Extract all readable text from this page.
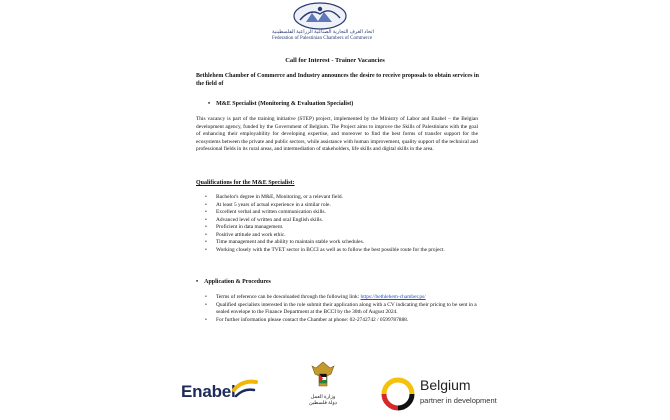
اتحاد الغرف التجارية الصناعية الزراعية الفلسطينية
Federation of Palestinian Chambers of Commerce
Call for Interest - Trainer Vacancies
Bethlehem Chamber of Commerce and Industry announces the desire to receive proposals to obtain services in the field of
• M&E Specialist (Monitoring & Evaluation Specialist)
This vacancy is part of the training initiative (STEP) project, implemented by the Ministry of Labor and Enabel – the Belgian development agency, funded by the Government of Belgium. The Project aims to improve the Skills of Palestinians with the goal of enhancing their employability for developing expertise, and moreover to find the best forms of transfer support for the ecosystems between the private and public sectors, while assistance with human improvement, quality support of the technical and professional fields in its rural areas, and intermediation of stakeholders, life skills and digital skills in the area.
Qualifications for the M&E Specialist:
• Bachelor's degree in M&E, Monitoring, or a relevant field.
• At least 5 years of actual experience in a similar role.
• Excellent verbal and written communication skills.
• Advanced level of written and oral English skills.
• Proficient in data management.
• Positive attitude and work ethic.
• Time management and the ability to maintain stable work schedules.
• Working closely with the TVET sector in BCCI as well as to follow the best possible route for the project.
• Application & Procedures
• Terms of reference can be downloaded through the following link: https://bethlehem-chamber.ps/
• Qualified specialists interested in the role submit their application along with a CV indicating their pricing to be sent in a sealed envelope to the Finance Department at the BCCI by the 30th of August 2024.
• For further information please contact the Chamber at phone: 02-2742742 / 0599787888.
Enabel	وزارة العمل
دولة فلسطين
Belgium
partner in development
